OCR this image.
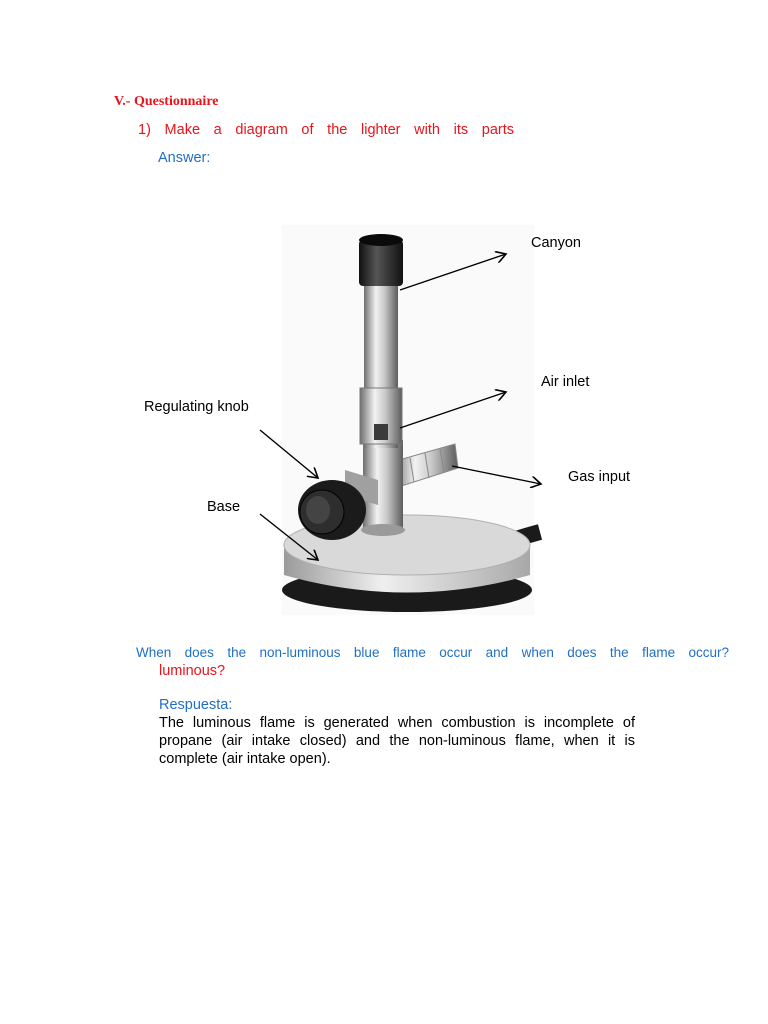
V.- Questionnaire
1) Make a diagram of the lighter with its parts
Answer:
Canyon
Air inlet
Regulating knob
Gas input
Base
When does the non-luminous blue flame occur and when does the flame occur?
luminous?
Respuesta:
The luminous flame is generated when combustion is incomplete of propane (air intake closed) and the non-luminous flame, when it is complete (air intake open).
